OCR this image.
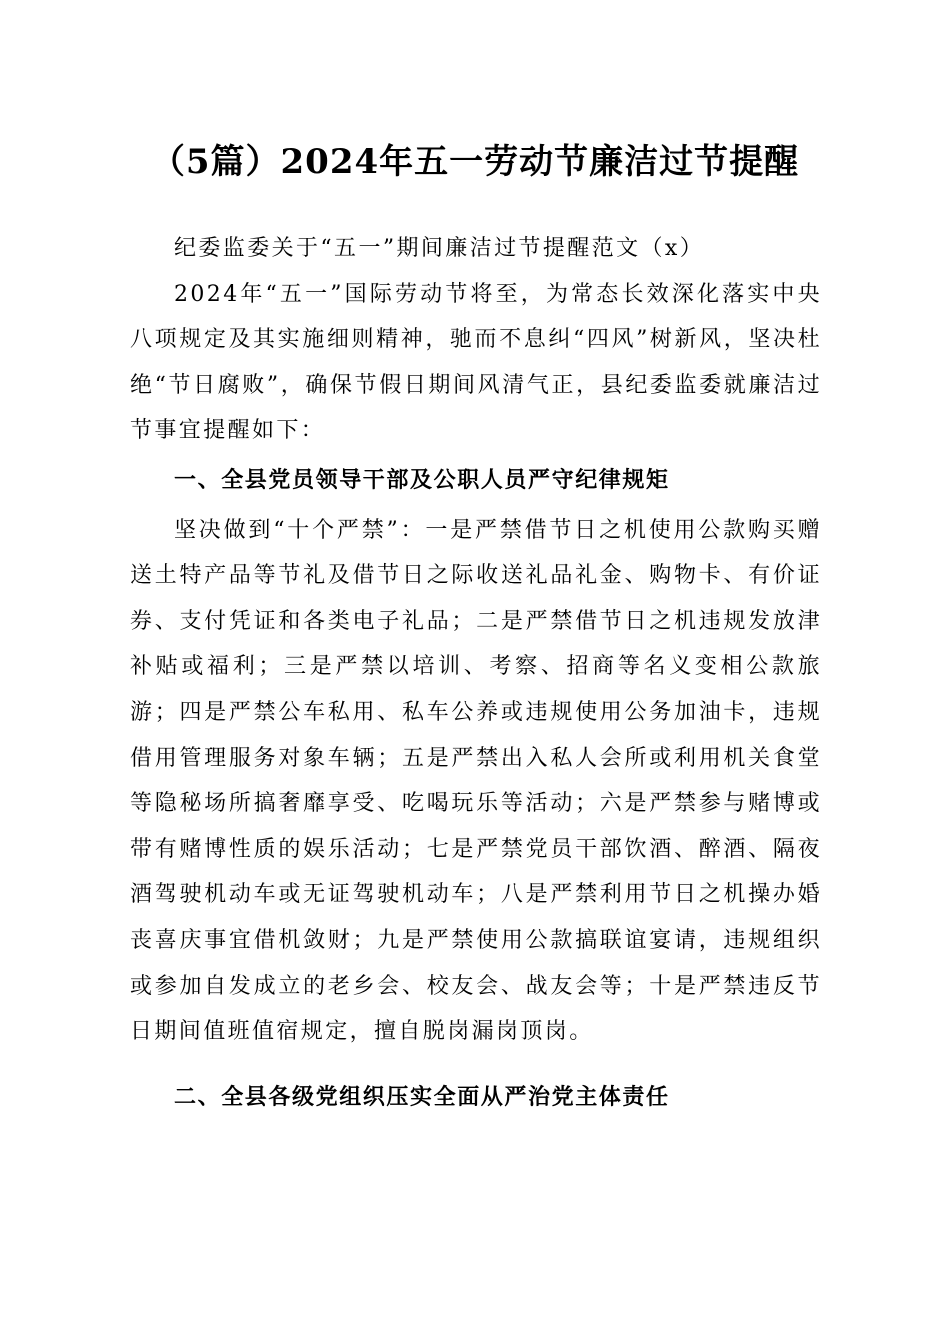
（5篇）2024年五一劳动节廉洁过节提醒

纪委监委关于“五一”期间廉洁过节提醒范文（x）

2024年“五一”国际劳动节将至，为常态长效深化落实中央八项规定及其实施细则精神，驰而不息纠“四风”树新风，坚决杜绝“节日腐败”，确保节假日期间风清气正，县纪委监委就廉洁过节事宜提醒如下：

一、全县党员领导干部及公职人员严守纪律规矩

坚决做到“十个严禁”：一是严禁借节日之机使用公款购买赠送土特产品等节礼及借节日之际收送礼品礼金、购物卡、有价证券、支付凭证和各类电子礼品；二是严禁借节日之机违规发放津补贴或福利；三是严禁以培训、考察、招商等名义变相公款旅游；四是严禁公车私用、私车公养或违规使用公务加油卡，违规借用管理服务对象车辆；五是严禁出入私人会所或利用机关食堂等隐秘场所搞奢靡享受、吃喝玩乐等活动；六是严禁参与赌博或带有赌博性质的娱乐活动；七是严禁党员干部饮酒、醉酒、隔夜酒驾驶机动车或无证驾驶机动车；八是严禁利用节日之机操办婚丧喜庆事宜借机敛财；九是严禁使用公款搞联谊宴请，违规组织或参加自发成立的老乡会、校友会、战友会等；十是严禁违反节日期间值班值宿规定，擅自脱岗漏岗顶岗。

二、全县各级党组织压实全面从严治党主体责任
